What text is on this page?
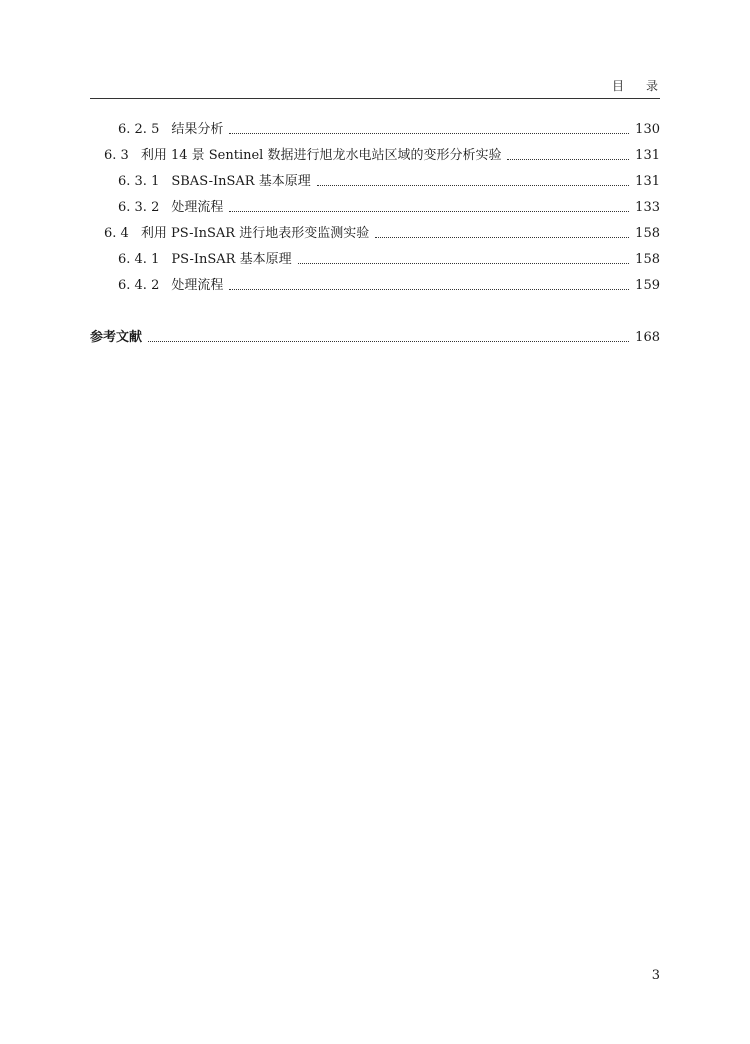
目录
6. 2. 5 结果分析	130
6. 3 利用 14 景 Sentinel 数据进行旭龙水电站区域的变形分析实验	131
6. 3. 1 SBAS-InSAR 基本原理	131
6. 3. 2 处理流程	133
6. 4 利用 PS-InSAR 进行地表形变监测实验	158
6. 4. 1 PS-InSAR 基本原理	158
6. 4. 2 处理流程	159
参考文献	168
3
